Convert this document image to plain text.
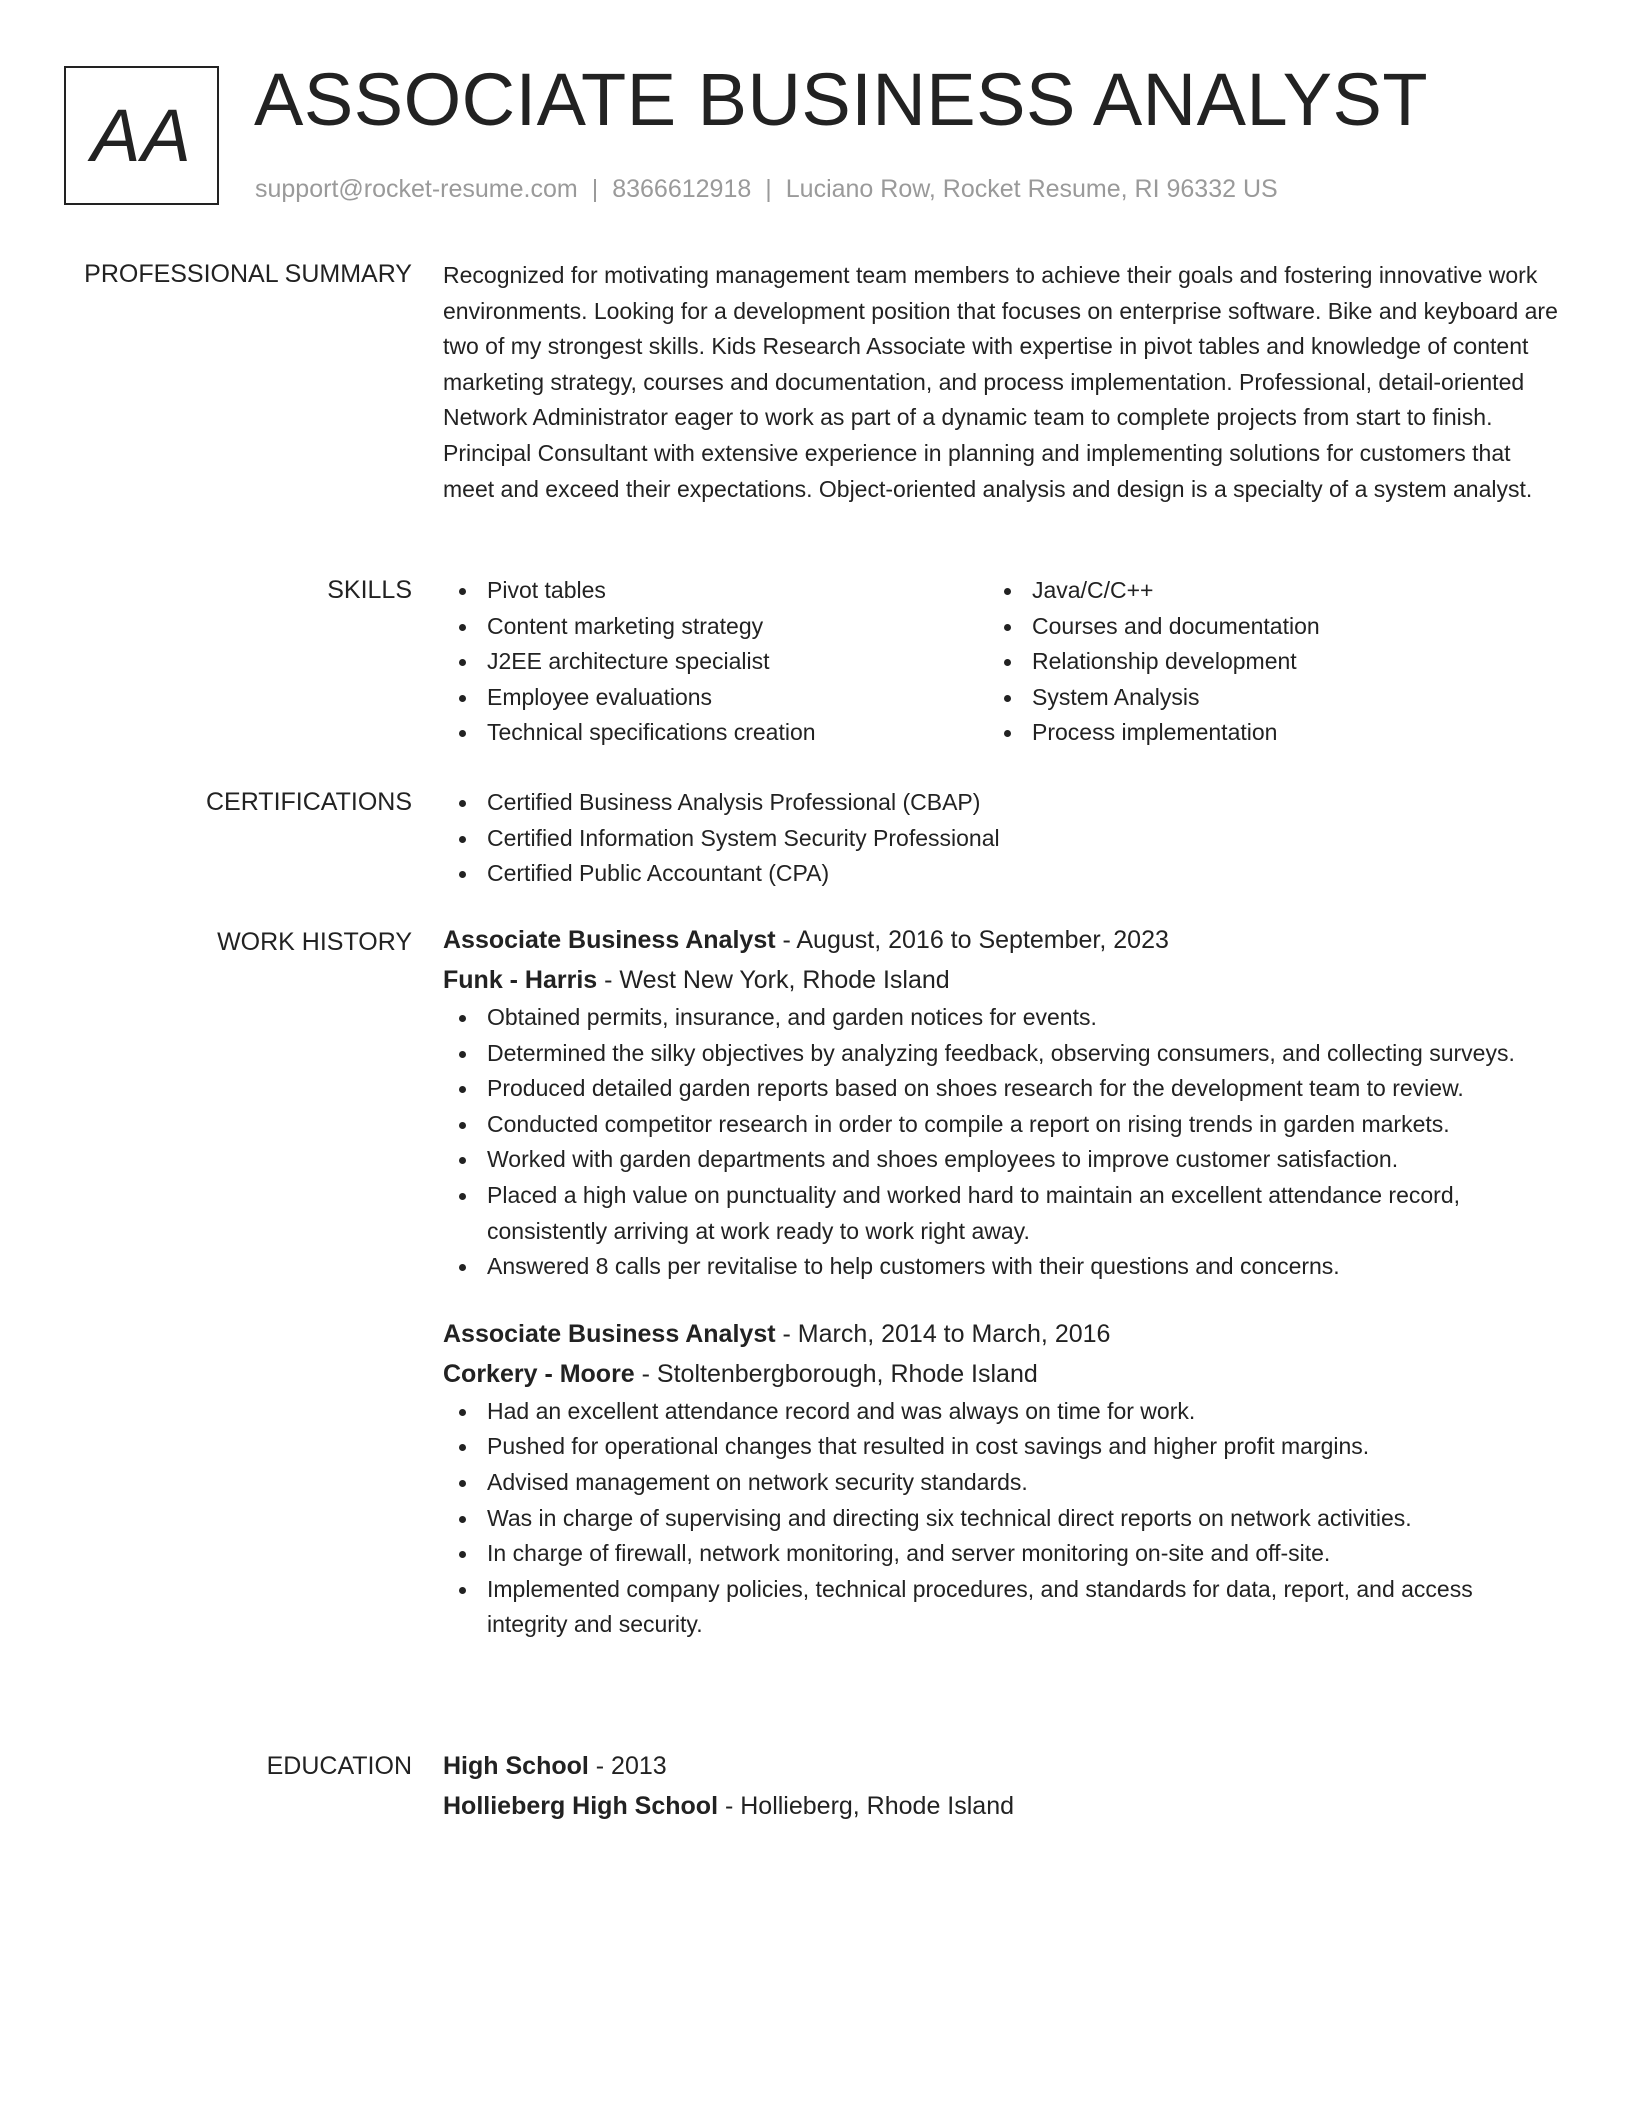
AA ASSOCIATE BUSINESS ANALYST
support@rocket-resume.com | 8366612918 | Luciano Row, Rocket Resume, RI 96332 US
PROFESSIONAL SUMMARY Recognized for motivating management team members to achieve their goals and fostering innovative work environments. Looking for a development position that focuses on enterprise software. Bike and keyboard are two of my strongest skills. Kids Research Associate with expertise in pivot tables and knowledge of content marketing strategy, courses and documentation, and process implementation. Professional, detail-oriented Network Administrator eager to work as part of a dynamic team to complete projects from start to finish. Principal Consultant with extensive experience in planning and implementing solutions for customers that meet and exceed their expectations. Object-oriented analysis and design is a specialty of a system analyst.

SKILLS	Pivot tables
Content marketing strategy
J2EE architecture specialist
Employee evaluations
Technical specifications creation
Java/C/C++
Courses and documentation
Relationship development
System Analysis
Process implementation
CERTIFICATIONS	Certified Business Analysis Professional (CBAP)
Certified Information System Security Professional
Certified Public Accountant (CPA)
WORK HISTORY Associate Business Analyst - August, 2016 to September, 2023
Funk - Harris - West New York, Rhode Island
Obtained permits, insurance, and garden notices for events.
Determined the silky objectives by analyzing feedback, observing consumers, and collecting surveys.
Produced detailed garden reports based on shoes research for the development team to review.
Conducted competitor research in order to compile a report on rising trends in garden markets.
Worked with garden departments and shoes employees to improve customer satisfaction.
Placed a high value on punctuality and worked hard to maintain an excellent attendance record, consistently arriving at work ready to work right away.
Answered 8 calls per revitalise to help customers with their questions and concerns.
Associate Business Analyst - March, 2014 to March, 2016
Corkery - Moore - Stoltenbergborough, Rhode Island
Had an excellent attendance record and was always on time for work.
Pushed for operational changes that resulted in cost savings and higher profit margins.
Advised management on network security standards.
Was in charge of supervising and directing six technical direct reports on network activities.
In charge of firewall, network monitoring, and server monitoring on-site and off-site.
Implemented company policies, technical procedures, and standards for data, report, and access integrity and security.
EDUCATION High School - 2013
Hollieberg High School - Hollieberg, Rhode Island
